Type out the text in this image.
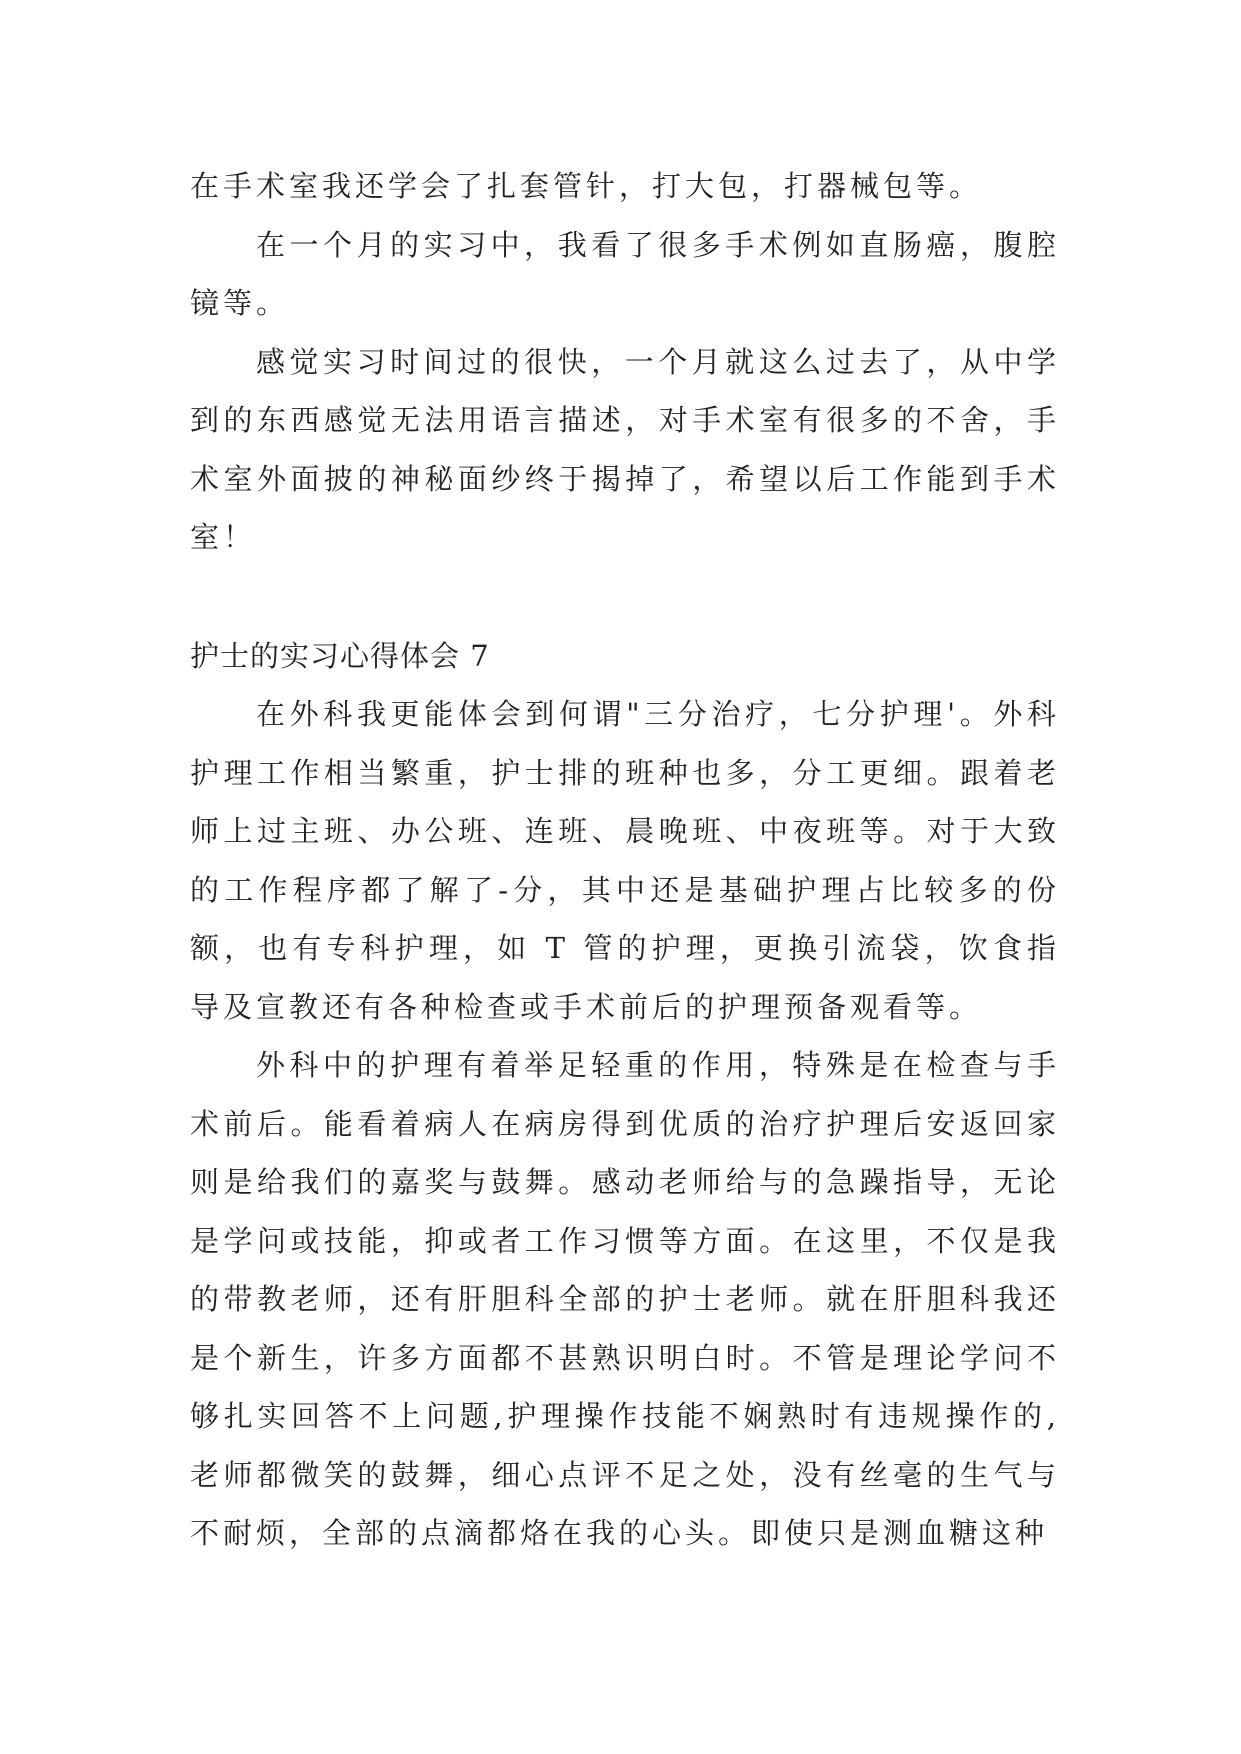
在手术室我还学会了扎套管针，打大包，打器械包等。

在一个月的实习中，我看了很多手术例如直肠癌，腹腔镜等。

感觉实习时间过的很快，一个月就这么过去了，从中学到的东西感觉无法用语言描述，对手术室有很多的不舍，手术室外面披的神秘面纱终于揭掉了，希望以后工作能到手术室！

护士的实习心得体会 7

在外科我更能体会到何谓"三分治疗，七分护理'。外科护理工作相当繁重，护士排的班种也多，分工更细。跟着老师上过主班、办公班、连班、晨晚班、中夜班等。对于大致的工作程序都了解了-分，其中还是基础护理占比较多的份额，也有专科护理，如 T 管的护理，更换引流袋，饮食指导及宣教还有各种检查或手术前后的护理预备观看等。

外科中的护理有着举足轻重的作用，特殊是在检查与手术前后。能看着病人在病房得到优质的治疗护理后安返回家则是给我们的嘉奖与鼓舞。感动老师给与的急躁指导，无论是学问或技能，抑或者工作习惯等方面。在这里，不仅是我的带教老师，还有肝胆科全部的护士老师。就在肝胆科我还是个新生，许多方面都不甚熟识明白时。不管是理论学问不够扎实回答不上问题,护理操作技能不娴熟时有违规操作的,老师都微笑的鼓舞，细心点评不足之处，没有丝毫的生气与不耐烦，全部的点滴都烙在我的心头。即使只是测血糖这种
